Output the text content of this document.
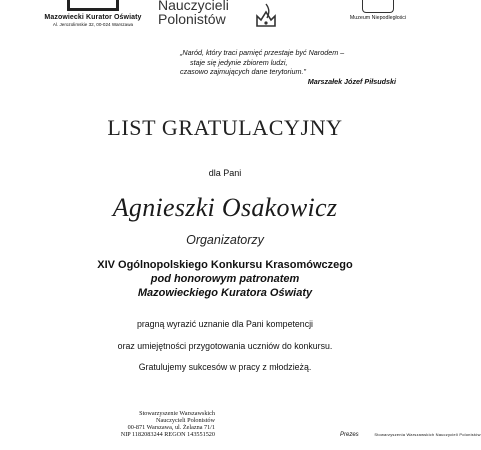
Mazowiecki Kurator Oświaty
Al. Jerozolimskie 32, 00-024 Warszawa
Nauczycieli
Polonistów	Muzeum Niepodległości
„Naród, który traci pamięć przestaje być Narodem –
staje się jedynie zbiorem ludzi,
czasowo zajmujących dane terytorium."
Marszałek Józef Piłsudski
LIST GRATULACYJNY
dla Pani
Agnieszki Osakowicz
Organizatorzy
XIV Ogólnopolskiego Konkursu Krasomówczego
pod honorowym patronatem
Mazowieckiego Kuratora Oświaty
pragną wyrazić uznanie dla Pani kompetencji
oraz umiejętności przygotowania uczniów do konkursu.
Gratulujemy sukcesów w pracy z młodzieżą.
Stowarzyszenie Warszawskich
Nauczycieli Polonistów
00-871 Warszawa, ul. Żelazna 71/1
NIP 1182083244 REGON 143551520	Prezes	Stowarzyszenia Warszawskich Nauczycieli Polonistów
